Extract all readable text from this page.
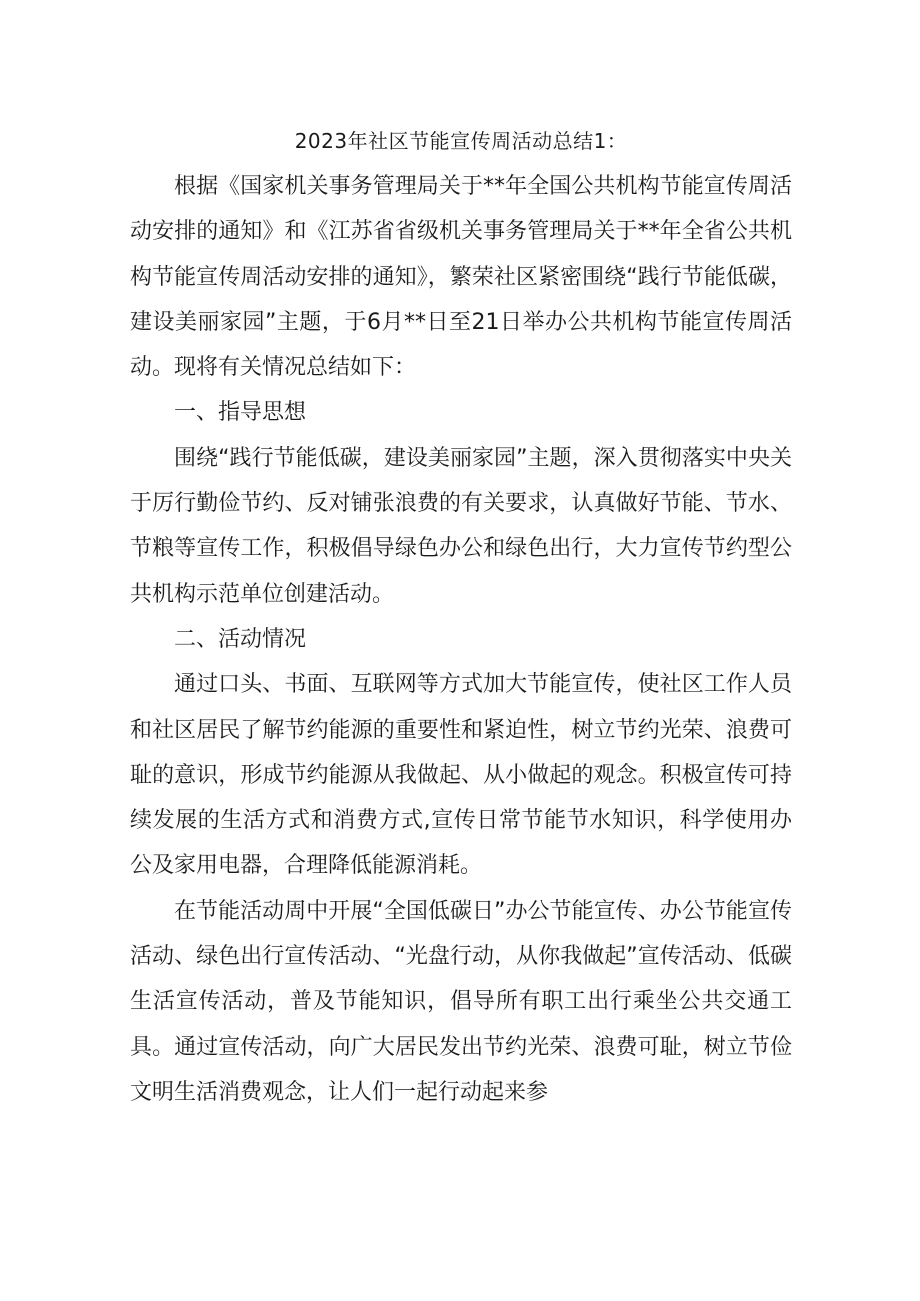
2023年社区节能宣传周活动总结1：

根据《国家机关事务管理局关于**年全国公共机构节能宣传周活动安排的通知》和《江苏省省级机关事务管理局关于**年全省公共机构节能宣传周活动安排的通知》，繁荣社区紧密围绕“践行节能低碳，建设美丽家园”主题，于6月**日至21日举办公共机构节能宣传周活动。现将有关情况总结如下：

一、指导思想

围绕“践行节能低碳，建设美丽家园”主题，深入贯彻落实中央关于厉行勤俭节约、反对铺张浪费的有关要求，认真做好节能、节水、节粮等宣传工作，积极倡导绿色办公和绿色出行，大力宣传节约型公共机构示范单位创建活动。

二、活动情况

通过口头、书面、互联网等方式加大节能宣传，使社区工作人员和社区居民了解节约能源的重要性和紧迫性，树立节约光荣、浪费可耻的意识，形成节约能源从我做起、从小做起的观念。积极宣传可持续发展的生活方式和消费方式,宣传日常节能节水知识，科学使用办公及家用电器，合理降低能源消耗。

在节能活动周中开展“全国低碳日”办公节能宣传、办公节能宣传活动、绿色出行宣传活动、“光盘行动，从你我做起”宣传活动、低碳生活宣传活动，普及节能知识，倡导所有职工出行乘坐公共交通工具。通过宣传活动，向广大居民发出节约光荣、浪费可耻，树立节俭文明生活消费观念，让人们一起行动起来参
